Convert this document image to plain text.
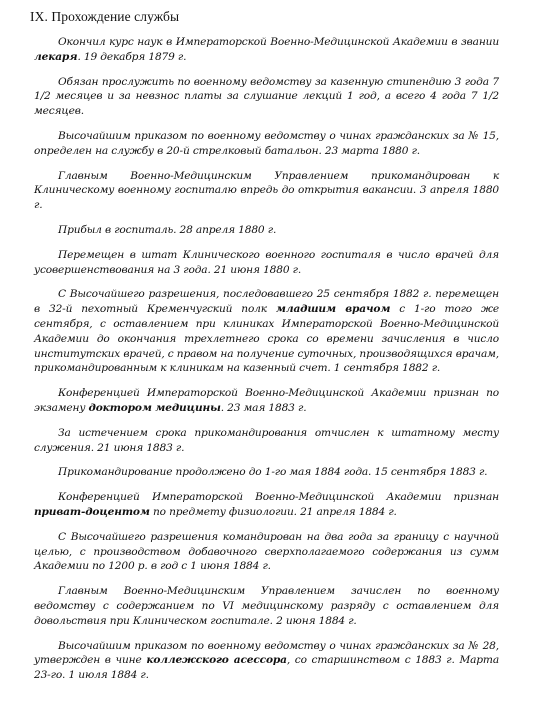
IX. Прохождение службы

Окончил курс наук в Императорской Военно-Медицинской Академии в звании лекаря. 19 декабря 1879 г.

Обязан прослужить по военному ведомству за казенную стипендию 3 года 7 1/2 месяцев и за невзнос платы за слушание лекций 1 год, а всего 4 года 7 1/2 месяцев.

Высочайшим приказом по военному ведомству о чинах гражданских за № 15, определен на службу в 20-й стрелковый батальон. 23 марта 1880 г.

Главным Военно-Медицинским Управлением прикомандирован к Клиническому военному госпиталю впредь до открытия вакансии. 3 апреля 1880 г.

Прибыл в госпиталь. 28 апреля 1880 г.

Перемещен в штат Клинического военного госпиталя в число врачей для усовершенствования на 3 года. 21 июня 1880 г.

С Высочайшего разрешения, последовавшего 25 сентября 1882 г. перемещен в 32-й пехотный Кременчугский полк младшим врачом с 1-го того же сентября, с оставлением при клиниках Императорской Военно-Медицинской Академии до окончания трехлетнего срока со времени зачисления в число институтских врачей, с правом на получение суточных, производящихся врачам, прикомандированным к клиникам на казенный счет. 1 сентября 1882 г.

Конференцией Императорской Военно-Медицинской Академии признан по экзамену доктором медицины. 23 мая 1883 г.

За истечением срока прикомандирования отчислен к штатному месту служения. 21 июня 1883 г.

Прикомандирование продолжено до 1-го мая 1884 года. 15 сентября 1883 г.

Конференцией Императорской Военно-Медицинской Академии признан приват-доцентом по предмету физиологии. 21 апреля 1884 г.

С Высочайшего разрешения командирован на два года за границу с научной целью, с производством добавочного сверхполагаемого содержания из сумм Академии по 1200 р. в год с 1 июня 1884 г.

Главным Военно-Медицинским Управлением зачислен по военному ведомству с содержанием по VI медицинскому разряду с оставлением для довольствия при Клиническом госпитале. 2 июня 1884 г.

Высочайшим приказом по военному ведомству о чинах гражданских за № 28, утвержден в чине коллежского асессора, со старшинством с 1883 г. Марта 23-го. 1 июля 1884 г.
